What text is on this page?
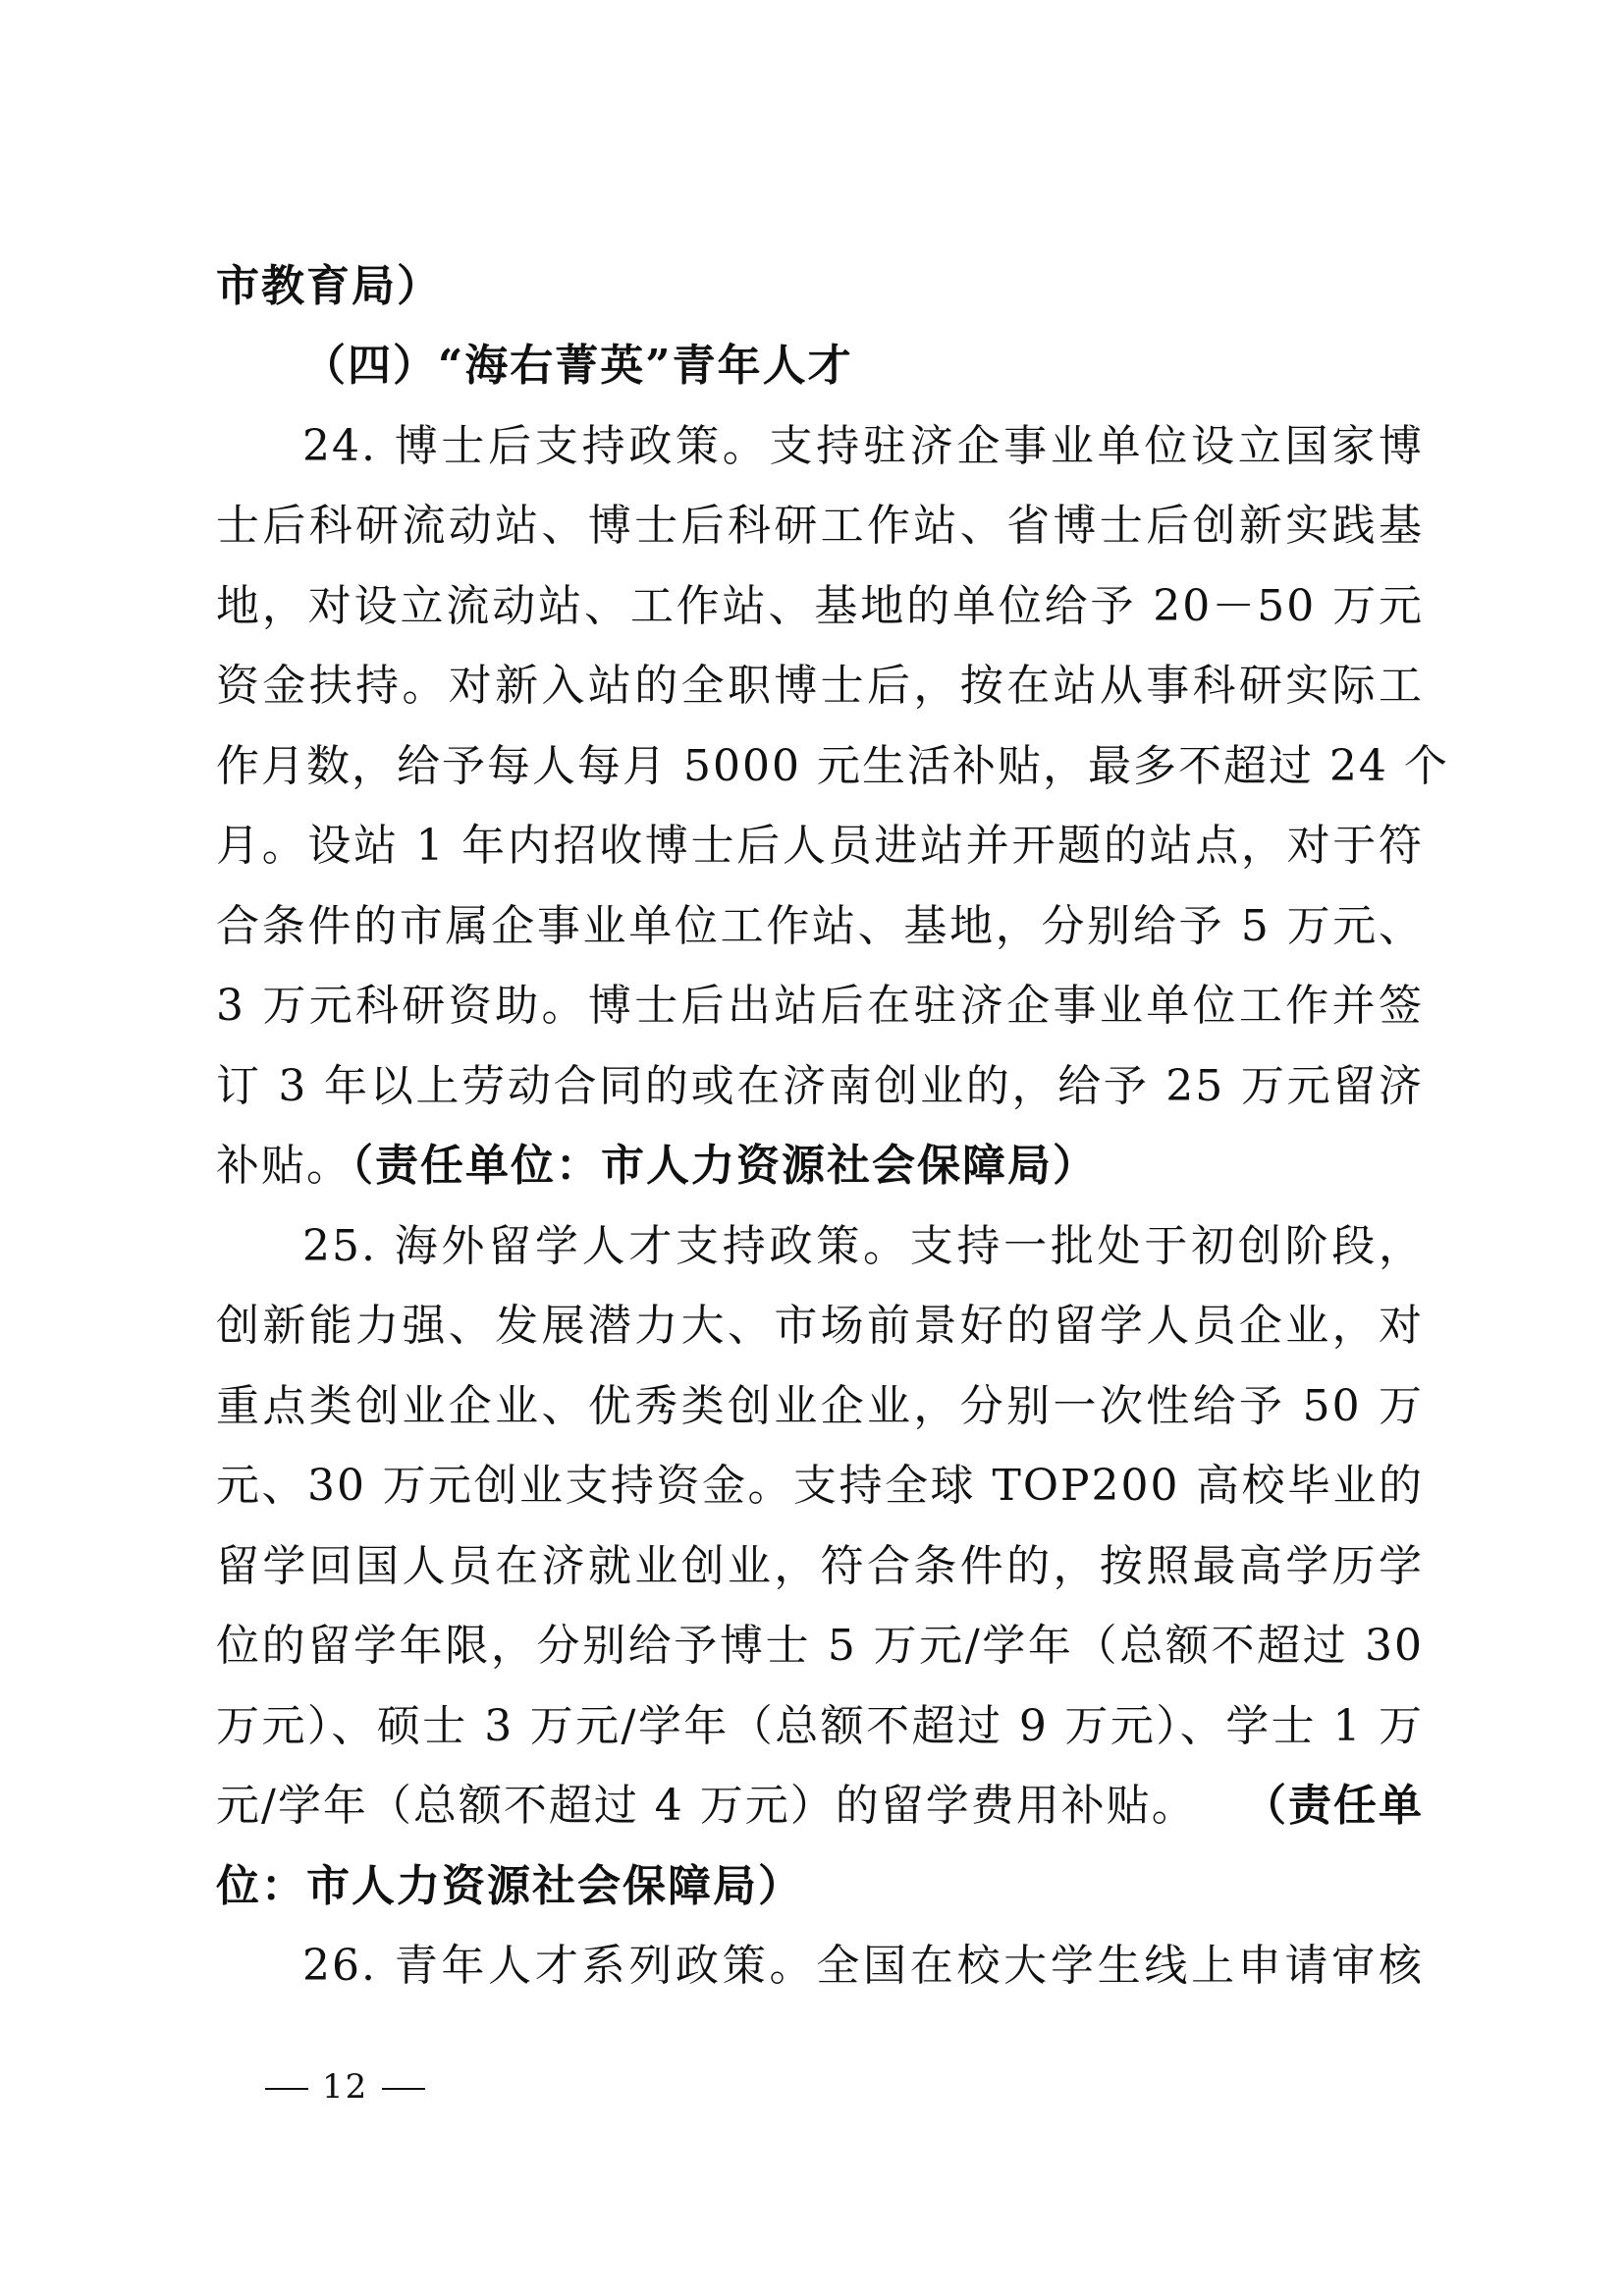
市教育局）
（四）“海右菁英”青年人才
24. 博士后支持政策。支持驻济企事业单位设立国家博
士后科研流动站、博士后科研工作站、省博士后创新实践基
地，对设立流动站、工作站、基地的单位给予 20－50 万元
资金扶持。对新入站的全职博士后，按在站从事科研实际工
作月数，给予每人每月 5000 元生活补贴，最多不超过 24 个
月。设站 1 年内招收博士后人员进站并开题的站点，对于符
合条件的市属企事业单位工作站、基地，分别给予 5 万元、
3 万元科研资助。博士后出站后在驻济企事业单位工作并签
订 3 年以上劳动合同的或在济南创业的，给予 25 万元留济
补贴。（责任单位：市人力资源社会保障局）
25. 海外留学人才支持政策。支持一批处于初创阶段，
创新能力强、发展潜力大、市场前景好的留学人员企业，对
重点类创业企业、优秀类创业企业，分别一次性给予 50 万
元、30 万元创业支持资金。支持全球 TOP200 高校毕业的
留学回国人员在济就业创业，符合条件的，按照最高学历学
位的留学年限，分别给予博士 5 万元/学年（总额不超过 30
万元）、硕士 3 万元/学年（总额不超过 9 万元）、学士 1 万
元/学年（总额不超过 4 万元）的留学费用补贴。 （责任单
位：市人力资源社会保障局）
26. 青年人才系列政策。全国在校大学生线上申请审核
12
